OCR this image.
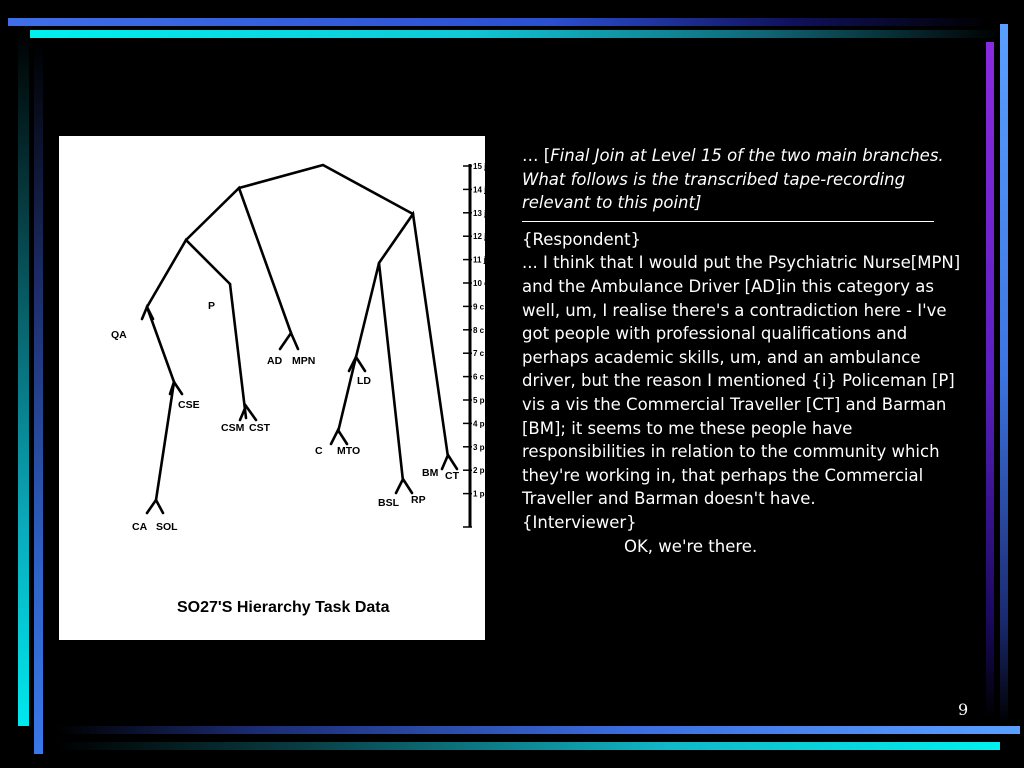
15 j
14 j
13 j
12 j
11 j
10 c
9 c
8 c
7 c
6 c
5 p
4 p
3 p
2 p
1 p
QA
P
AD MPN
LD
CSE
CSM CST
C MTO
BM CT
BSL RP
CA SOL
SO27'S Hierarchy Task Data

… [Final Join at Level 15 of the two main branches. What follows is the transcribed tape-recording relevant to this point]

{Respondent}

... I think that I would put the Psychiatric Nurse[MPN] and the Ambulance Driver [AD]in this category as well, um, I realise there's a contradiction here - I've got people with professional qualifications and perhaps academic skills, um, and an ambulance driver, but the reason I mentioned {i} Policeman [P] vis a vis the Commercial Traveller [CT] and Barman [BM]; it seems to me these people have responsibilities in relation to the community which they're working in, that perhaps the Commercial Traveller and Barman doesn't have.

{Interviewer}

OK, we're there.

9
